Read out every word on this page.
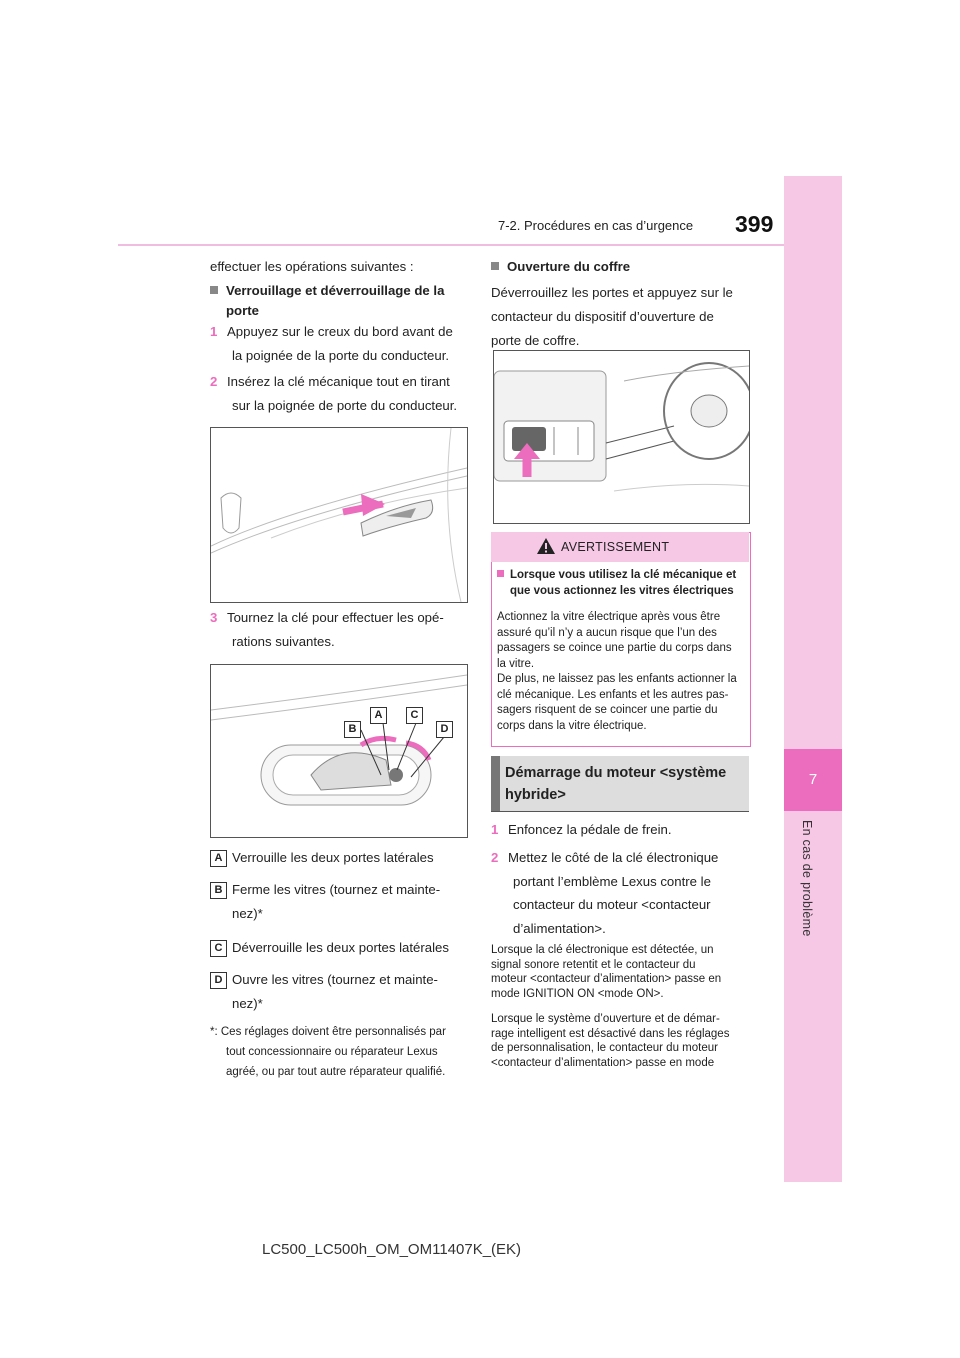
7
En cas de problème
7-2. Procédures en cas d’urgence 399
effectuer les opérations suivantes :
Verrouillage et déverrouillage de la
porte
1 Appuyez sur le creux du bord avant de
la poignée de la porte du conducteur.
2 Insérez la clé mécanique tout en tirant
sur la poignée de porte du conducteur.
3 Tournez la clé pour effectuer les opé-
rations suivantes.
A
B
C
D
A Verrouille les deux portes latérales
B Ferme les vitres (tournez et mainte-
nez)*
C Déverrouille les deux portes latérales
D Ouvre les vitres (tournez et mainte-
nez)*
*: Ces réglages doivent être personnalisés par
tout concessionnaire ou réparateur Lexus
agréé, ou par tout autre réparateur qualifié.
Ouverture du coffre
Déverrouillez les portes et appuyez sur le
contacteur du dispositif d’ouverture de
porte de coffre.
AVERTISSEMENT
Lorsque vous utilisez la clé mécanique et
que vous actionnez les vitres électriques
Actionnez la vitre électrique après vous être
assuré qu’il n’y a aucun risque que l’un des
passagers se coince une partie du corps dans
la vitre.
De plus, ne laissez pas les enfants actionner la
clé mécanique. Les enfants et les autres pas-
sagers risquent de se coincer une partie du
corps dans la vitre électrique.
Démarrage du moteur <système
hybride>
1 Enfoncez la pédale de frein.
2 Mettez le côté de la clé électronique
portant l’emblème Lexus contre le
contacteur du moteur <contacteur
d’alimentation>.
Lorsque la clé électronique est détectée, un
signal sonore retentit et le contacteur du
moteur <contacteur d’alimentation> passe en
mode IGNITION ON <mode ON>.
Lorsque le système d’ouverture et de démar-
rage intelligent est désactivé dans les réglages
de personnalisation, le contacteur du moteur
<contacteur d’alimentation> passe en mode
LC500_LC500h_OM_OM11407K_(EK)
